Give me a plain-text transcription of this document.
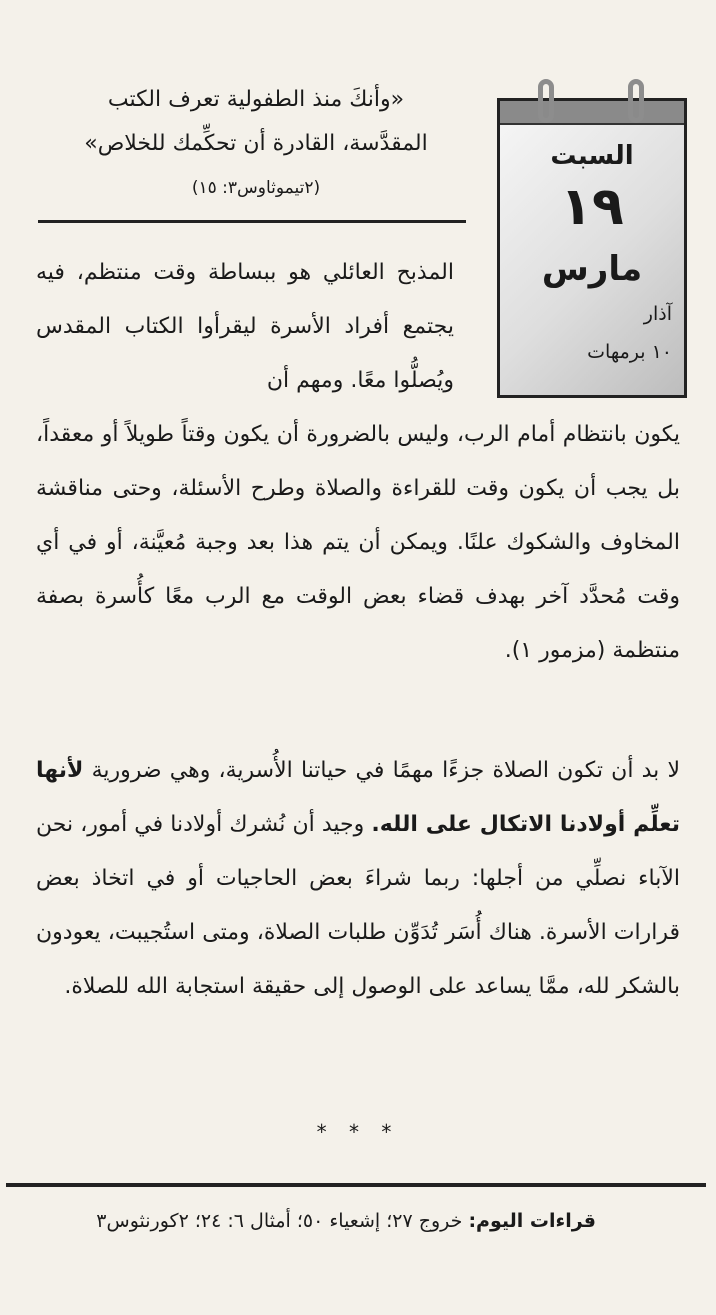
السبت
١٩
مارس
آذار
١٠ برمهات
«وأنكَ منذ الطفولية تعرف الكتب
المقدَّسة، القادرة أن تحكِّمك للخلاص»
(٢تيموثاوس٣: ١٥)
المذبح العائلي هو ببساطة وقت منتظم، فيه يجتمع أفراد الأسرة ليقرأوا الكتاب المقدس ويُصلُّوا معًا. ومهم أن
يكون بانتظام أمام الرب، وليس بالضرورة أن يكون وقتاً طويلاً أو معقداً، بل يجب أن يكون وقت للقراءة والصلاة وطرح الأسئلة، وحتى مناقشة المخاوف والشكوك علنًا. ويمكن أن يتم هذا بعد وجبة مُعيَّنة، أو في أي وقت مُحدَّد آخر بهدف قضاء بعض الوقت مع الرب معًا كأُسرة بصفة منتظمة (مزمور ١).
لا بد أن تكون الصلاة جزءًا مهمًا في حياتنا الأُسرية، وهي ضرورية لأنها تعلِّم أولادنا الاتكال على الله. وجيد أن نُشرك أولادنا في أمور، نحن الآباء نصلِّي من أجلها: ربما شراءَ بعض الحاجيات أو في اتخاذ بعض قرارات الأسرة. هناك أُسَر تُدَوِّن طلبات الصلاة، ومتى استُجيبت، يعودون بالشكر لله، ممَّا يساعد على الوصول إلى حقيقة استجابة الله للصلاة.
* * *
قراءات اليوم: خروج ٢٧؛ إشعياء ٥٠؛ أمثال ٦: ٢٤؛ ٢كورنثوس٣
